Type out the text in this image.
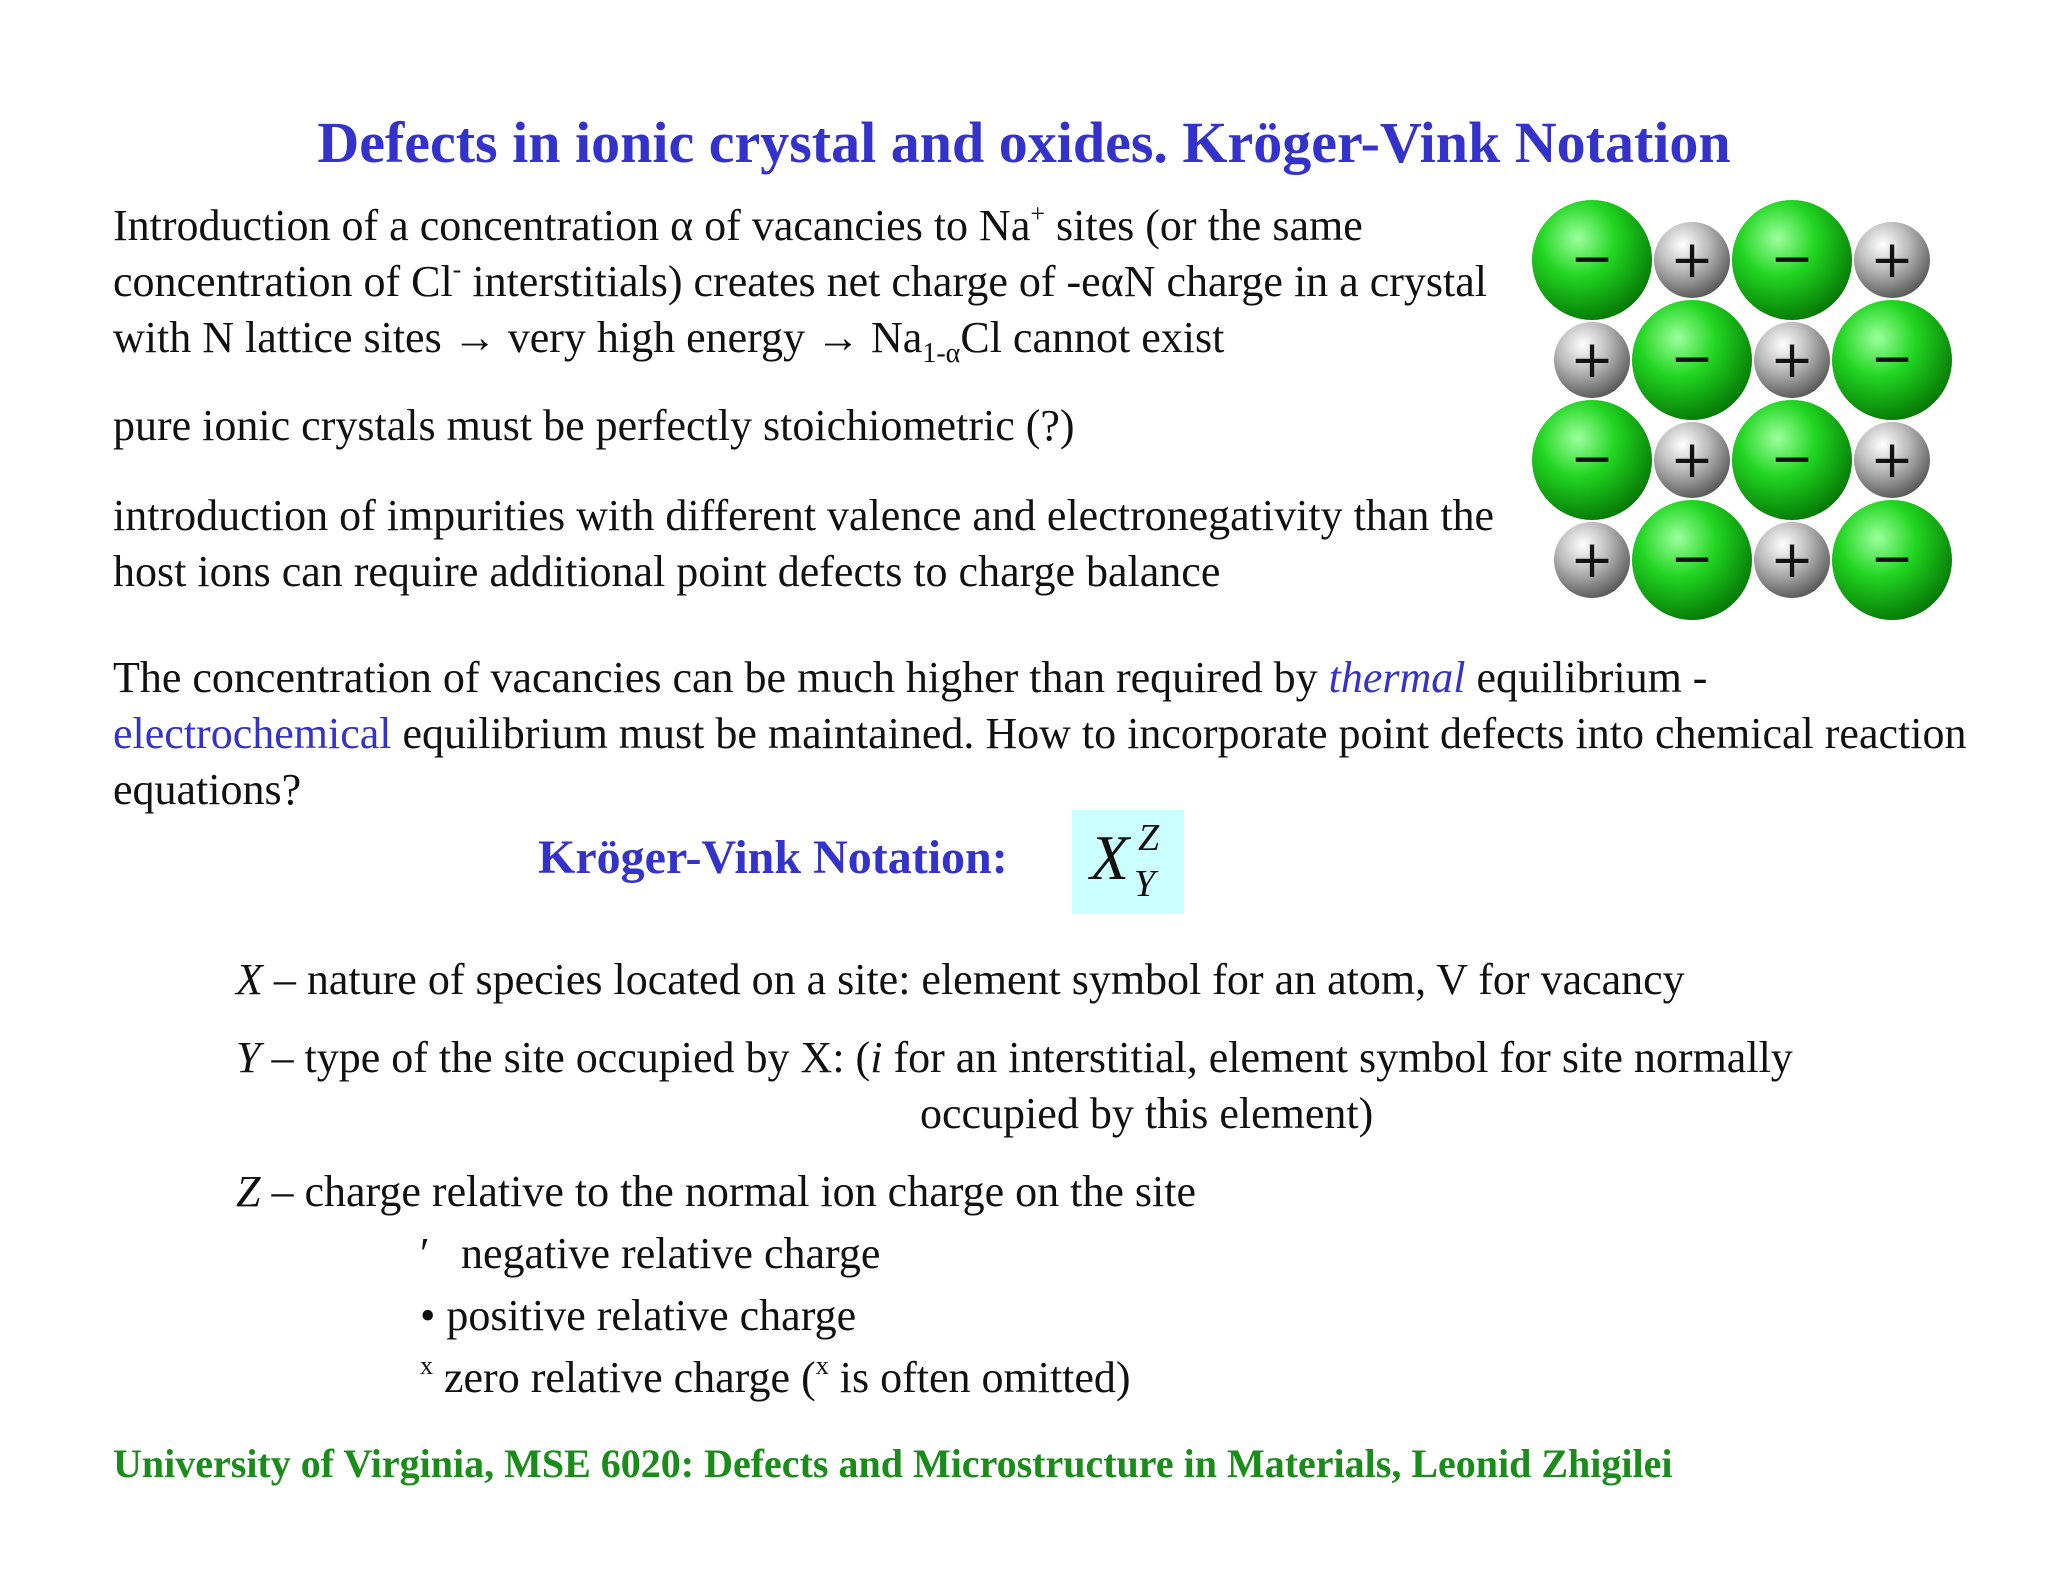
Defects in ionic crystal and oxides. Kröger-Vink Notation

Introduction of a concentration α of vacancies to Na+ sites (or the same concentration of Cl- interstitials) creates net charge of -eαN charge in a crystal with N lattice sites → very high energy → $Na_{1-\alpha}Cl$ cannot exist

pure ionic crystals must be perfectly stoichiometric (?)

introduction of impurities with different valence and electronegativity than the host ions can require additional point defects to charge balance

The concentration of vacancies can be much higher than required by thermal equilibrium - electrochemical equilibrium must be maintained. How to incorporate point defects into chemical reaction equations?

+	+
+	+
+	+
+	+
−	−
−	−
−	−
−	−
Kröger-Vink Notation: X Z
Y
X – nature of species located on a site: element symbol for an atom, V for vacancy
Y – type of the site occupied by X: (i for an interstitial, element symbol for site normally
occupied by this element)
Z – charge relative to the normal ion charge on the site
′ negative relative charge
• positive relative charge
$^x$ zero relative charge ($^x$ is often omitted)
University of Virginia, MSE 6020: Defects and Microstructure in Materials, Leonid Zhigilei
